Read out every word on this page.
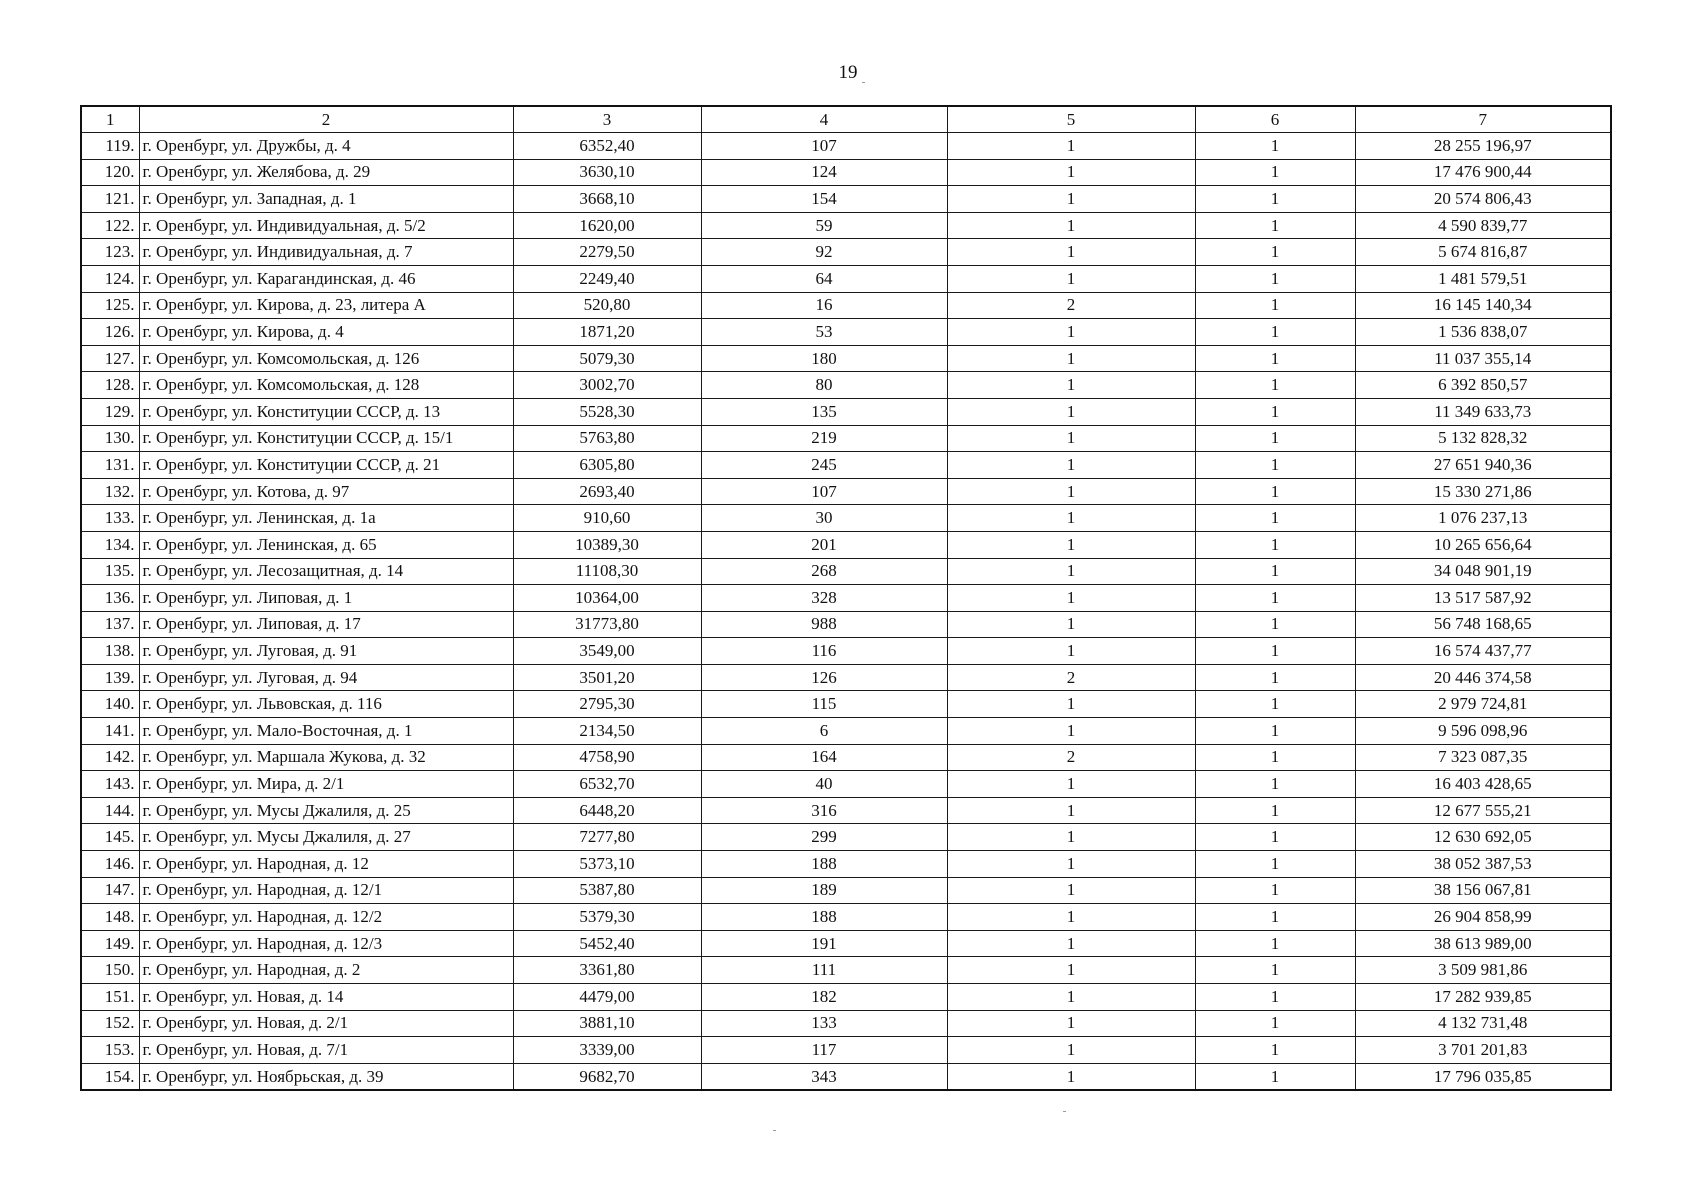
19
1	2	3	4	5	6	7
119.	г. Оренбург, ул. Дружбы, д. 4	6352,40	107	1	1	28 255 196,97
120.	г. Оренбург, ул. Желябова, д. 29	3630,10	124	1	1	17 476 900,44
121.	г. Оренбург, ул. Западная, д. 1	3668,10	154	1	1	20 574 806,43
122.	г. Оренбург, ул. Индивидуальная, д. 5/2	1620,00	59	1	1	4 590 839,77
123.	г. Оренбург, ул. Индивидуальная, д. 7	2279,50	92	1	1	5 674 816,87
124.	г. Оренбург, ул. Карагандинская, д. 46	2249,40	64	1	1	1 481 579,51
125.	г. Оренбург, ул. Кирова, д. 23, литера А	520,80	16	2	1	16 145 140,34
126.	г. Оренбург, ул. Кирова, д. 4	1871,20	53	1	1	1 536 838,07
127.	г. Оренбург, ул. Комсомольская, д. 126	5079,30	180	1	1	11 037 355,14
128.	г. Оренбург, ул. Комсомольская, д. 128	3002,70	80	1	1	6 392 850,57
129.	г. Оренбург, ул. Конституции СССР, д. 13	5528,30	135	1	1	11 349 633,73
130.	г. Оренбург, ул. Конституции СССР, д. 15/1	5763,80	219	1	1	5 132 828,32
131.	г. Оренбург, ул. Конституции СССР, д. 21	6305,80	245	1	1	27 651 940,36
132.	г. Оренбург, ул. Котова, д. 97	2693,40	107	1	1	15 330 271,86
133.	г. Оренбург, ул. Ленинская, д. 1а	910,60	30	1	1	1 076 237,13
134.	г. Оренбург, ул. Ленинская, д. 65	10389,30	201	1	1	10 265 656,64
135.	г. Оренбург, ул. Лесозащитная, д. 14	11108,30	268	1	1	34 048 901,19
136.	г. Оренбург, ул. Липовая, д. 1	10364,00	328	1	1	13 517 587,92
137.	г. Оренбург, ул. Липовая, д. 17	31773,80	988	1	1	56 748 168,65
138.	г. Оренбург, ул. Луговая, д. 91	3549,00	116	1	1	16 574 437,77
139.	г. Оренбург, ул. Луговая, д. 94	3501,20	126	2	1	20 446 374,58
140.	г. Оренбург, ул. Львовская, д. 116	2795,30	115	1	1	2 979 724,81
141.	г. Оренбург, ул. Мало-Восточная, д. 1	2134,50	6	1	1	9 596 098,96
142.	г. Оренбург, ул. Маршала Жукова, д. 32	4758,90	164	2	1	7 323 087,35
143.	г. Оренбург, ул. Мира, д. 2/1	6532,70	40	1	1	16 403 428,65
144.	г. Оренбург, ул. Мусы Джалиля, д. 25	6448,20	316	1	1	12 677 555,21
145.	г. Оренбург, ул. Мусы Джалиля, д. 27	7277,80	299	1	1	12 630 692,05
146.	г. Оренбург, ул. Народная, д. 12	5373,10	188	1	1	38 052 387,53
147.	г. Оренбург, ул. Народная, д. 12/1	5387,80	189	1	1	38 156 067,81
148.	г. Оренбург, ул. Народная, д. 12/2	5379,30	188	1	1	26 904 858,99
149.	г. Оренбург, ул. Народная, д. 12/3	5452,40	191	1	1	38 613 989,00
150.	г. Оренбург, ул. Народная, д. 2	3361,80	111	1	1	3 509 981,86
151.	г. Оренбург, ул. Новая, д. 14	4479,00	182	1	1	17 282 939,85
152.	г. Оренбург, ул. Новая, д. 2/1	3881,10	133	1	1	4 132 731,48
153.	г. Оренбург, ул. Новая, д. 7/1	3339,00	117	1	1	3 701 201,83
154.	г. Оренбург, ул. Ноябрьская, д. 39	9682,70	343	1	1	17 796 035,85
